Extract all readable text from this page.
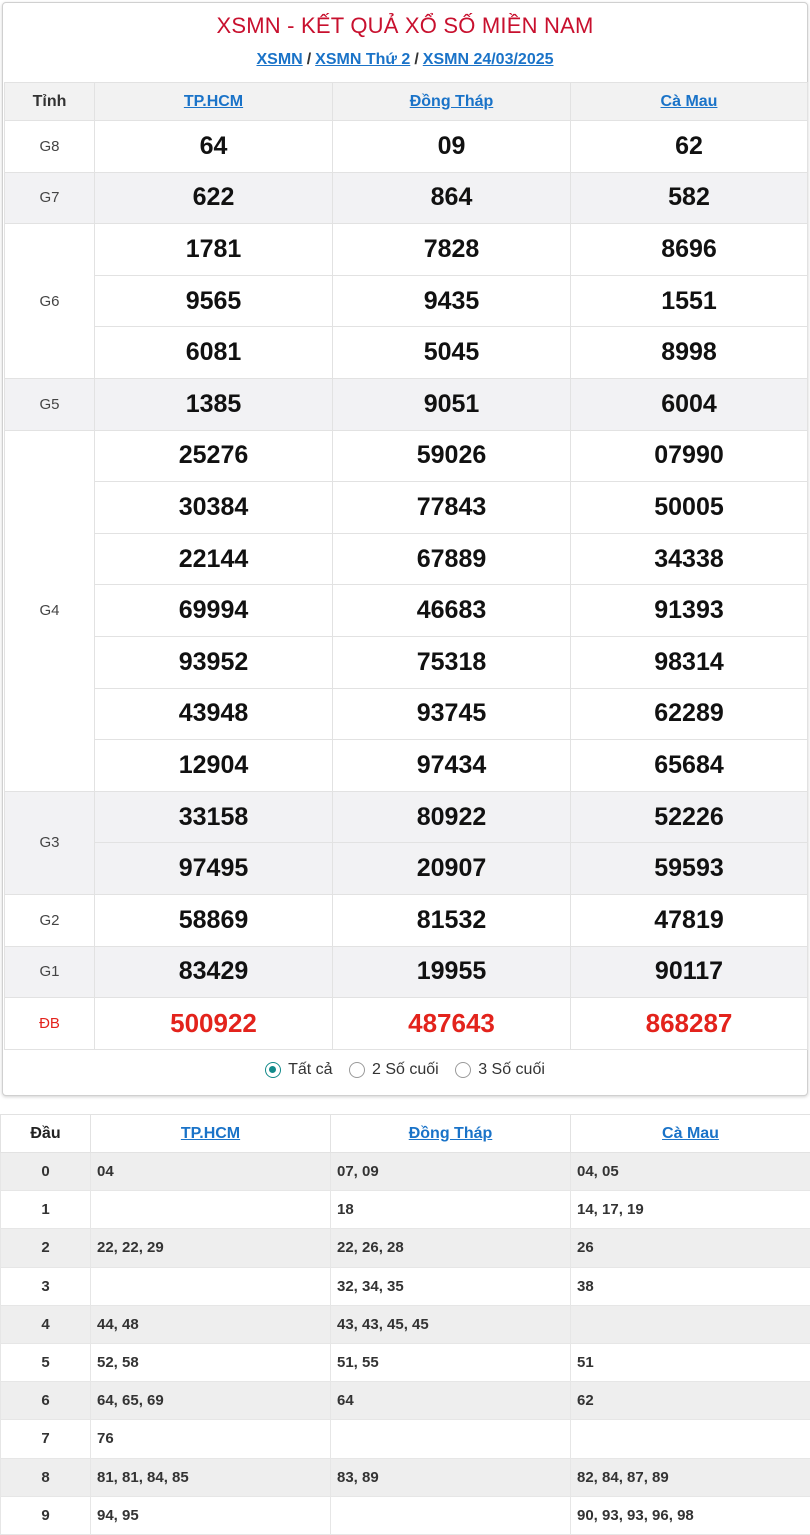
XSMN - KẾT QUẢ XỔ SỐ MIỀN NAM
XSMN / XSMN Thứ 2 / XSMN 24/03/2025
Tỉnh	TP.HCM	Đồng Tháp	Cà Mau
G8	64	09	62
G7	622	864	582
G6	1781	7828	8696
	9565	9435	1551
	6081	5045	8998
G5	1385	9051	6004
G4	25276	59026	07990
	30384	77843	50005
	22144	67889	34338
	69994	46683	91393
	93952	75318	98314
	43948	93745	62289
	12904	97434	65684
G3	33158	80922	52226
	97495	20907	59593
G2	58869	81532	47819
G1	83429	19955	90117
ĐB	500922	487643	868287
Tất cả
2 Số cuối
3 Số cuối
Đầu	TP.HCM	Đồng Tháp	Cà Mau
0	04	07, 09	04, 05
1		18	14, 17, 19
2	22, 22, 29	22, 26, 28	26
3		32, 34, 35	38
4	44, 48	43, 43, 45, 45	
5	52, 58	51, 55	51
6	64, 65, 69	64	62
7	76		
8	81, 81, 84, 85	83, 89	82, 84, 87, 89
9	94, 95		90, 93, 93, 96, 98
